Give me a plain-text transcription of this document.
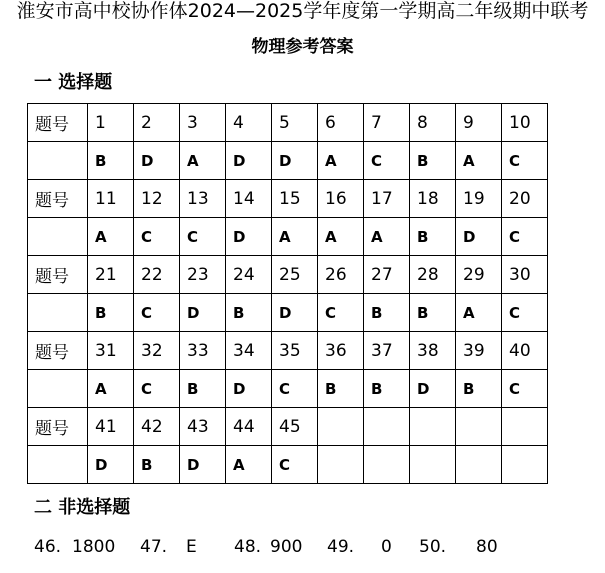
淮安市高中校协作体2024—2025学年度第一学期高二年级期中联考
物理参考答案
一 选择题
题号	1	2	3	4	5	6	7	8	9	10
	B	D	A	D	D	A	C	B	A	C
题号	11	12	13	14	15	16	17	18	19	20
	A	C	C	D	A	A	A	B	D	C
题号	21	22	23	24	25	26	27	28	29	30
	B	C	D	B	D	C	B	B	A	C
题号	31	32	33	34	35	36	37	38	39	40
	A	C	B	D	C	B	B	D	B	C
题号	41	42	43	44	45					
	D	B	D	A	C					
二 非选择题
46. 1800 47. E 48. 900 49. 0 50. 80
